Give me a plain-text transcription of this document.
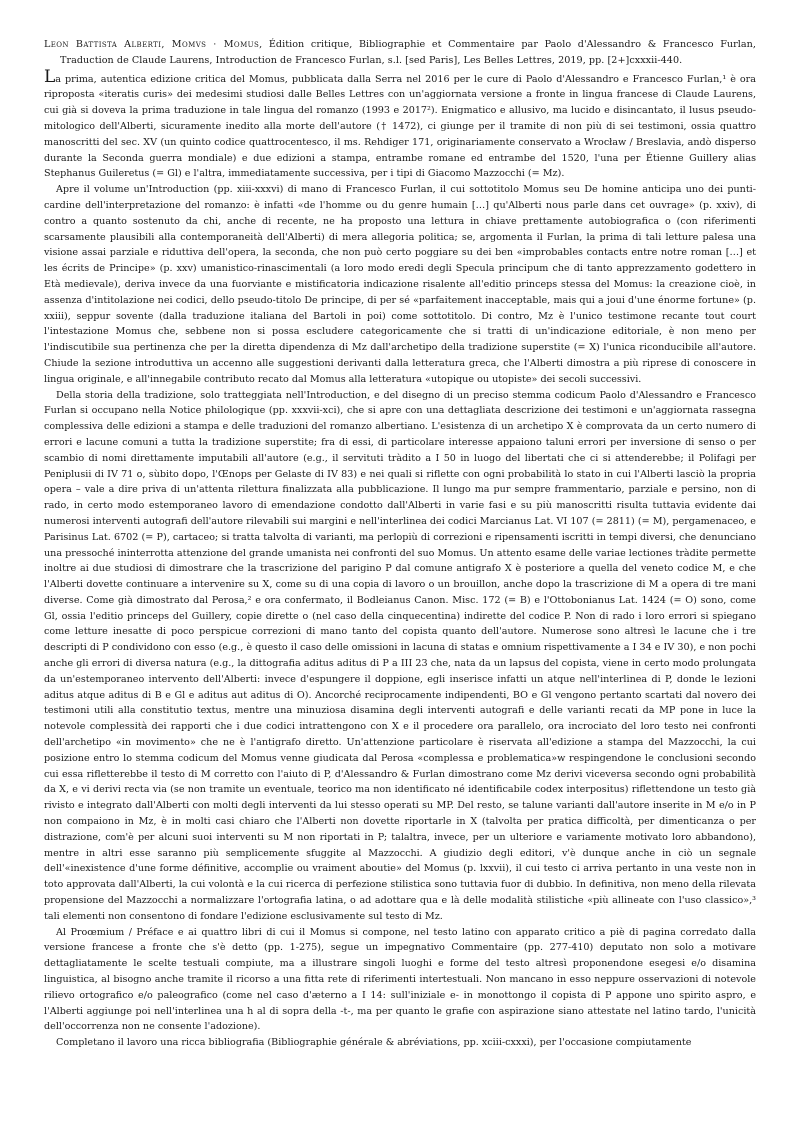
Leon Battista Alberti, Momvs · Momus, Édition critique, Bibliographie et Commentaire par Paolo d'Alessandro & Francesco Furlan, Traduction de Claude Laurens, Introduction de Francesco Furlan, s.l. [sed Paris], Les Belles Lettres, 2019, pp. [2+]cxxxii-440.

La prima, autentica edizione critica del Momus, pubblicata dalla Serra nel 2016 per le cure di Paolo d'Alessandro e Francesco Furlan,¹ è ora riproposta «iteratis curis» dei medesimi studiosi dalle Belles Lettres con un'aggiornata versione a fronte in lingua francese di Claude Laurens, cui già si doveva la prima traduzione in tale lingua del romanzo (1993 e 2017²). Enigmatico e allusivo, ma lucido e disincantato, il lusus pseudo-mitologico dell'Alberti, sicuramente inedito alla morte dell'autore († 1472), ci giunge per il tramite di non più di sei testimoni, ossia quattro manoscritti del sec. XV (un quinto codice quattrocentesco, il ms. Rehdiger 171, originariamente conservato a Wrocław / Breslavia, andò disperso durante la Seconda guerra mondiale) e due edizioni a stampa, entrambe romane ed entrambe del 1520, l'una per Étienne Guillery alias Stephanus Guileretus (= Gl) e l'altra, immediatamente successiva, per i tipi di Giacomo Mazzocchi (= Mz).

Apre il volume un'Introduction (pp. xiii-xxxvi) di mano di Francesco Furlan, il cui sottotitolo Momus seu De homine anticipa uno dei punti-cardine dell'interpretazione del romanzo: è infatti «de l'homme ou du genre humain […] qu'Alberti nous parle dans cet ouvrage» (p. xxiv), di contro a quanto sostenuto da chi, anche di recente, ne ha proposto una lettura in chiave prettamente autobiografica o (con riferimenti scarsamente plausibili alla contemporaneità dell'Alberti) di mera allegoria politica; se, argomenta il Furlan, la prima di tali letture palesa una visione assai parziale e riduttiva dell'opera, la seconda, che non può certo poggiare su dei ben «improbables contacts entre notre roman […] et les écrits de Principe» (p. xxv) umanistico-rinascimentali (a loro modo eredi degli Specula principum che di tanto apprezzamento godettero in Età medievale), deriva invece da una fuorviante e mistificatoria indicazione risalente all'editio princeps stessa del Momus: la creazione cioè, in assenza d'intitolazione nei codici, dello pseudo-titolo De principe, di per sé «parfaitement inacceptable, mais qui a joui d'une énorme fortune» (p. xxiii), seppur sovente (dalla traduzione italiana del Bartoli in poi) come sottotitolo. Di contro, Mz è l'unico testimone recante tout court l'intestazione Momus che, sebbene non si possa escludere categoricamente che si tratti di un'indicazione editoriale, è non meno per l'indiscutibile sua pertinenza che per la diretta dipendenza di Mz dall'archetipo della tradizione superstite (= X) l'unica riconducibile all'autore. Chiude la sezione introduttiva un accenno alle suggestioni derivanti dalla letteratura greca, che l'Alberti dimostra a più riprese di conoscere in lingua originale, e all'innegabile contributo recato dal Momus alla letteratura «utopique ou utopiste» dei secoli successivi.

Della storia della tradizione, solo tratteggiata nell'Introduction, e del disegno di un preciso stemma codicum Paolo d'Alessandro e Francesco Furlan si occupano nella Notice philologique (pp. xxxvii-xci), che si apre con una dettagliata descrizione dei testimoni e un'aggiornata rassegna complessiva delle edizioni a stampa e delle traduzioni del romanzo albertiano. L'esistenza di un archetipo X è comprovata da un certo numero di errori e lacune comuni a tutta la tradizione superstite; fra di essi, di particolare interesse appaiono taluni errori per inversione di senso o per scambio di nomi direttamente imputabili all'autore (e.g., il servituti tràdito a I 50 in luogo del libertati che ci si attenderebbe; il Polifagi per Peniplusii di IV 71 o, sùbito dopo, l'Œnops per Gelaste di IV 83) e nei quali si riflette con ogni probabilità lo stato in cui l'Alberti lasciò la propria opera – vale a dire priva di un'attenta rilettura finalizzata alla pubblicazione. Il lungo ma pur sempre frammentario, parziale e persino, non di rado, in certo modo estemporaneo lavoro di emendazione condotto dall'Alberti in varie fasi e su più manoscritti risulta tuttavia evidente dai numerosi interventi autografi dell'autore rilevabili sui margini e nell'interlinea dei codici Marcianus Lat. VI 107 (= 2811) (= M), pergamenaceo, e Parisinus Lat. 6702 (= P), cartaceo; si tratta talvolta di varianti, ma perlopiù di correzioni e ripensamenti iscritti in tempi diversi, che denunciano una pressoché ininterrotta attenzione del grande umanista nei confronti del suo Momus. Un attento esame delle variae lectiones tràdite permette inoltre ai due studiosi di dimostrare che la trascrizione del parigino P dal comune antigrafo X è posteriore a quella del veneto codice M, e che l'Alberti dovette continuare a intervenire su X, come su di una copia di lavoro o un brouillon, anche dopo la trascrizione di M a opera di tre mani diverse. Come già dimostrato dal Perosa,² e ora confermato, il Bodleianus Canon. Misc. 172 (= B) e l'Ottobonianus Lat. 1424 (= O) sono, come Gl, ossia l'editio princeps del Guillery, copie dirette o (nel caso della cinquecentina) indirette del codice P. Non di rado i loro errori si spiegano come letture inesatte di poco perspicue correzioni di mano tanto del copista quanto dell'autore. Numerose sono altresì le lacune che i tre descripti di P condividono con esso (e.g., è questo il caso delle omissioni in lacuna di statas e omnium rispettivamente a I 34 e IV 30), e non pochi anche gli errori di diversa natura (e.g., la dittografia aditus aditus di P a III 23 che, nata da un lapsus del copista, viene in certo modo prolungata da un'estemporaneo intervento dell'Alberti: invece d'espungere il doppione, egli inserisce infatti un atque nell'interlinea di P, donde le lezioni aditus atque aditus di B e Gl e aditus aut aditus di O). Ancorché reciprocamente indipendenti, BO e Gl vengono pertanto scartati dal novero dei testimoni utili alla constitutio textus, mentre una minuziosa disamina degli interventi autografi e delle varianti recati da MP pone in luce la notevole complessità dei rapporti che i due codici intrattengono con X e il procedere ora parallelo, ora incrociato del loro testo nei confronti dell'archetipo «in movimento» che ne è l'antigrafo diretto. Un'attenzione particolare è riservata all'edizione a stampa del Mazzocchi, la cui posizione entro lo stemma codicum del Momus venne giudicata dal Perosa «complessa e problematica»w respingendone le conclusioni secondo cui essa rifletterebbe il testo di M corretto con l'aiuto di P, d'Alessandro & Furlan dimostrano come Mz derivi viceversa secondo ogni probabilità da X, e vi derivi recta via (se non tramite un eventuale, teorico ma non identificato né identificabile codex interpositus) riflettendone un testo già rivisto e integrato dall'Alberti con molti degli interventi da lui stesso operati su MP. Del resto, se talune varianti dall'autore inserite in M e/o in P non compaiono in Mz, è in molti casi chiaro che l'Alberti non dovette riportarle in X (talvolta per pratica difficoltà, per dimenticanza o per distrazione, com'è per alcuni suoi interventi su M non riportati in P; talaltra, invece, per un ulteriore e variamente motivato loro abbandono), mentre in altri esse saranno più semplicemente sfuggite al Mazzocchi. A giudizio degli editori, v'è dunque anche in ciò un segnale dell'«inexistence d'une forme définitive, accomplie ou vraiment aboutie» del Momus (p. lxxvii), il cui testo ci arriva pertanto in una veste non in toto approvata dall'Alberti, la cui volontà e la cui ricerca di perfezione stilistica sono tuttavia fuor di dubbio. In definitiva, non meno della rilevata propensione del Mazzocchi a normalizzare l'ortografia latina, o ad adottare qua e là delle modalità stilistiche «più allineate con l'uso classico»,³ tali elementi non consentono di fondare l'edizione esclusivamente sul testo di Mz.

Al Proœmium / Préface e ai quattro libri di cui il Momus si compone, nel testo latino con apparato critico a piè di pagina corredato dalla versione francese a fronte che s'è detto (pp. 1-275), segue un impegnativo Commentaire (pp. 277-410) deputato non solo a motivare dettagliatamente le scelte testuali compiute, ma a illustrare singoli luoghi e forme del testo altresì proponendone esegesi e/o disamina linguistica, al bisogno anche tramite il ricorso a una fitta rete di riferimenti intertestuali. Non mancano in esso neppure osservazioni di notevole rilievo ortografico e/o paleografico (come nel caso d'æterno a I 14: sull'iniziale e- in monottongo il copista di P appone uno spirito aspro, e l'Alberti aggiunge poi nell'interlinea una h al di sopra della -t-, ma per quanto le grafie con aspirazione siano attestate nel latino tardo, l'unicità dell'occorrenza non ne consente l'adozione).

Completano il lavoro una ricca bibliografia (Bibliographie générale & abréviations, pp. xciii-cxxxi), per l'occasione compiutamente
